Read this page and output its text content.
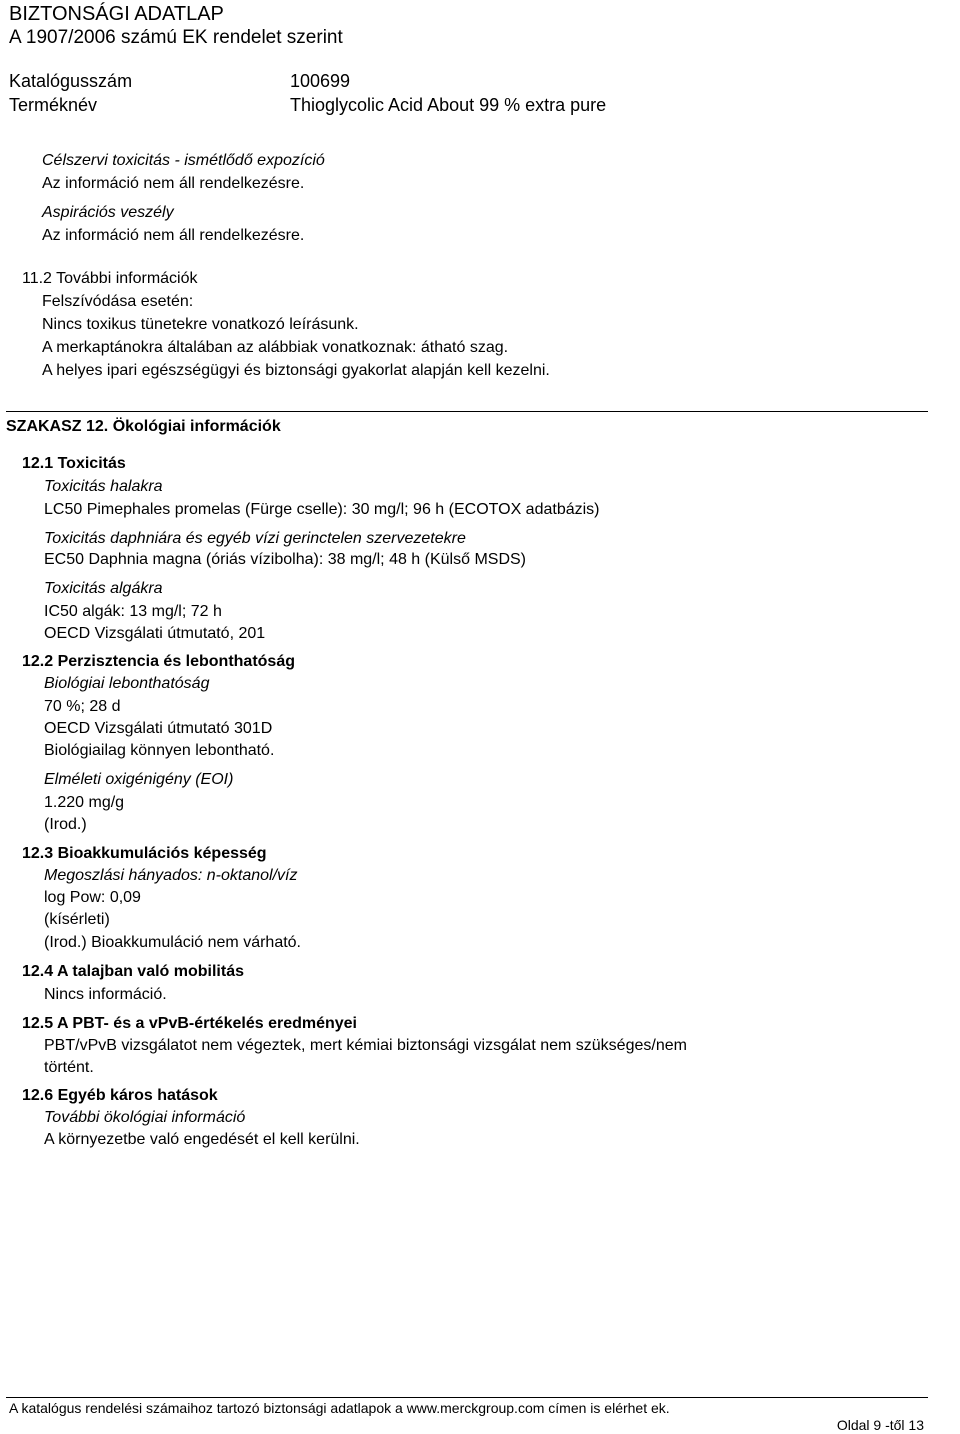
BIZTONSÁGI ADATLAP
A 1907/2006 számú EK rendelet szerint
Katalógusszám	100699
Terméknév	Thioglycolic Acid About 99 % extra pure
Célszervi toxicitás - ismétlődő expozíció
Az információ nem áll rendelkezésre.
Aspirációs veszély
Az információ nem áll rendelkezésre.
11.2 További információk
Felszívódása esetén:
Nincs toxikus tünetekre vonatkozó leírásunk.
A merkaptánokra általában az alábbiak vonatkoznak: átható szag.
A helyes ipari egészségügyi és biztonsági gyakorlat alapján kell kezelni.
SZAKASZ 12. Ökológiai információk
12.1 Toxicitás
Toxicitás halakra
LC50 Pimephales promelas (Fürge cselle): 30 mg/l; 96 h (ECOTOX adatbázis)
Toxicitás daphniára és egyéb vízi gerinctelen szervezetekre
EC50 Daphnia magna (óriás vízibolha): 38 mg/l; 48 h (Külső MSDS)
Toxicitás algákra
IC50 algák: 13 mg/l; 72 h
OECD Vizsgálati útmutató, 201
12.2 Perzisztencia és lebonthatóság
Biológiai lebonthatóság
70 %; 28 d
OECD Vizsgálati útmutató 301D
Biológiailag könnyen lebontható.
Elméleti oxigénigény (EOI)
1.220 mg/g
(Irod.)
12.3 Bioakkumulációs képesség
Megoszlási hányados: n-oktanol/víz
log Pow: 0,09
(kísérleti)
(Irod.) Bioakkumuláció nem várható.
12.4 A talajban való mobilitás
Nincs információ.
12.5 A PBT- és a vPvB-értékelés eredményei
PBT/vPvB vizsgálatot nem végeztek, mert kémiai biztonsági vizsgálat nem szükséges/nem
történt.
12.6 Egyéb káros hatások
További ökológiai információ
A környezetbe való engedését el kell kerülni.
A katalógus rendelési számaihoz tartozó biztonsági adatlapok a www.merckgroup.com címen is elérhet ek.
Oldal 9 -től 13
